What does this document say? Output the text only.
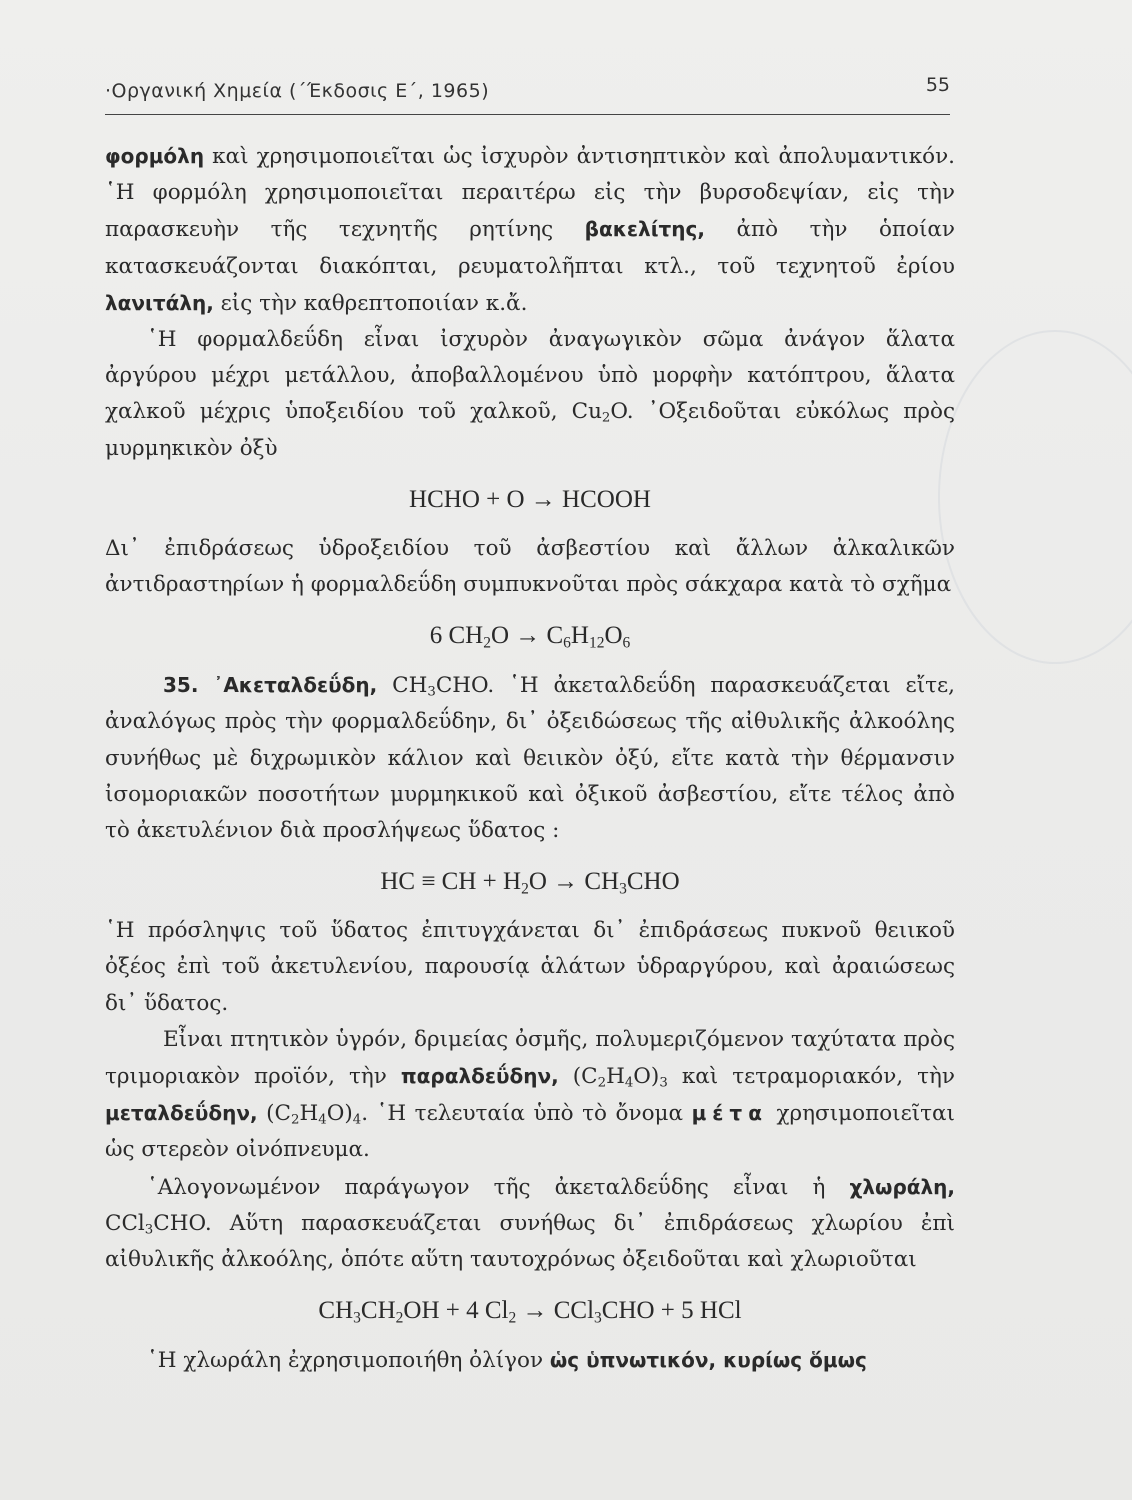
·Οργανική Χημεία (΄Έκδοσις Ε΄, 1965)	55

φορμόλη καὶ χρησιμοποιεῖται ὡς ἰσχυρὸν ἀντισηπτικὸν καὶ ἀπολυμαντικόν. ῾Η φορμόλη χρησιμοποιεῖται περαιτέρω εἰς τὴν βυρσοδεψίαν, εἰς τὴν παρασκευὴν τῆς τεχνητῆς ρητίνης βακελίτης, ἀπὸ τὴν ὁποίαν κατασκευάζονται διακόπται, ρευματολῆπται κτλ., τοῦ τεχνητοῦ ἐρίου λανιτάλη, εἰς τὴν καθρεπτοποιίαν κ.ἄ.

῾Η φορμαλδεΰδη εἶναι ἰσχυρὸν ἀναγωγικὸν σῶμα ἀνάγον ἅλατα ἀργύρου μέχρι μετάλλου, ἀποβαλλομένου ὑπὸ μορφὴν κατόπτρου, ἅλατα χαλκοῦ μέχρις ὑποξειδίου τοῦ χαλκοῦ, $Cu_2O$. ᾽Οξειδοῦται εὐκόλως πρὸς μυρμηκικὸν ὀξὺ

HCHO + O → HCOOH

Δι᾽ ἐπιδράσεως ὑδροξειδίου τοῦ ἀσβεστίου καὶ ἄλλων ἀλκαλικῶν ἀντιδραστηρίων ἡ φορμαλδεΰδη συμπυκνοῦται πρὸς σάκχαρα κατὰ τὸ σχῆμα

6 $CH_2O \to C_6H_{12}O_6$

35. ᾽Ακεταλδεΰδη, $CH_3CHO$. ῾Η ἀκεταλδεΰδη παρασκευάζεται εἴτε, ἀναλόγως πρὸς τὴν φορμαλδεΰδην, δι᾽ ὀξειδώσεως τῆς αἰθυλικῆς ἀλκοόλης συνήθως μὲ διχρωμικὸν κάλιον καὶ θειικὸν ὀξύ, εἴτε κατὰ τὴν θέρμανσιν ἰσομοριακῶν ποσοτήτων μυρμηκικοῦ καὶ ὀξικοῦ ἀσβεστίου, εἴτε τέλος ἀπὸ τὸ ἀκετυλένιον διὰ προσλήψεως ὕδατος :

HC ≡ CH + $H_2O \to CH_3CHO$

῾Η πρόσληψις τοῦ ὕδατος ἐπιτυγχάνεται δι᾽ ἐπιδράσεως πυκνοῦ θειικοῦ ὀξέος ἐπὶ τοῦ ἀκετυλενίου, παρουσίᾳ ἁλάτων ὑδραργύρου, καὶ ἀραιώσεως δι᾽ ὕδατος.

Εἶναι πτητικὸν ὑγρόν, δριμείας ὀσμῆς, πολυμεριζόμενον ταχύτατα πρὸς τριμοριακὸν προϊόν, τὴν παραλδεΰδην, $(C_2H_4O)_3$ καὶ τετραμοριακόν, τὴν μεταλδεΰδην, $(C_2H_4O)_4$. ῾Η τελευταία ὑπὸ τὸ ὄνομα μέτα χρησιμοποιεῖται ὡς στερεὸν οἰνόπνευμα.

῾Αλογονωμένον παράγωγον τῆς ἀκεταλδεΰδης εἶναι ἡ χλωράλη, CCl$_3$CHO. Αὕτη παρασκευάζεται συνήθως δι᾽ ἐπιδράσεως χλωρίου ἐπὶ αἰθυλικῆς ἀλκοόλης, ὁπότε αὕτη ταυτοχρόνως ὀξειδοῦται καὶ χλωριοῦται

$CH_3CH_2OH + 4$ $Cl_2 \to CCl_3CHO + 5$ HCl

῾Η χλωράλη ἐχρησιμοποιήθη ὀλίγον ὡς ὑπνωτικόν, κυρίως ὅμως
